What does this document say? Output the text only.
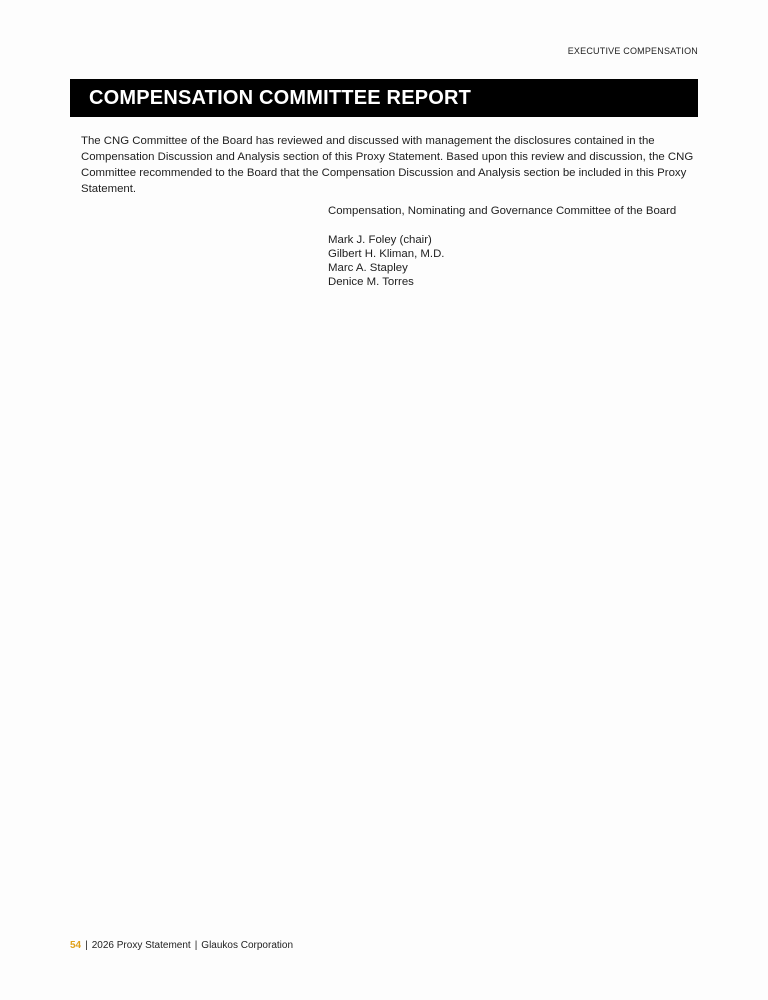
EXECUTIVE COMPENSATION
COMPENSATION COMMITTEE REPORT

The CNG Committee of the Board has reviewed and discussed with management the disclosures contained in the Compensation Discussion and Analysis section of this Proxy Statement. Based upon this review and discussion, the CNG Committee recommended to the Board that the Compensation Discussion and Analysis section be included in this Proxy Statement.

Compensation, Nominating and Governance Committee of the Board

Mark J. Foley (chair)

Gilbert H. Kliman, M.D.

Marc A. Stapley

Denice M. Torres

54 | 2026 Proxy Statement | Glaukos Corporation
